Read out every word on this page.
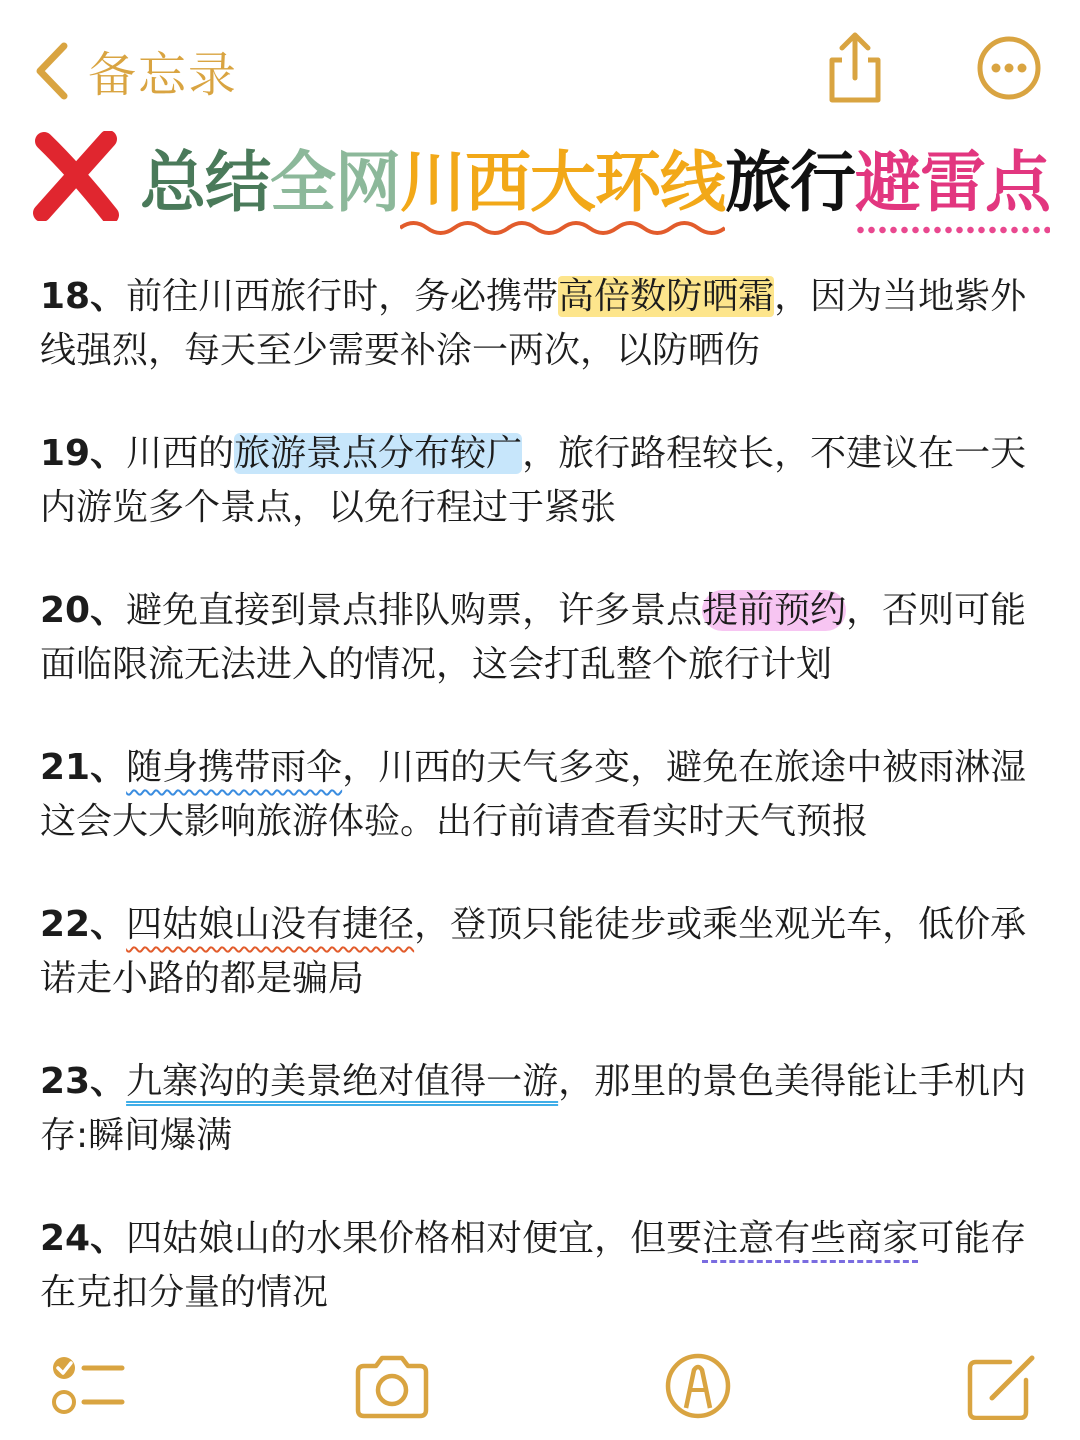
备忘录
总结全网川西大环线
旅行避雷点
18、前往川西旅行时，务必携带高倍数防晒霜，因为当地紫外线强烈，每天至少需要补涂一两次，以防晒伤
19、川西的旅游景点分布较广，旅行路程较长，不建议在一天内游览多个景点，以免行程过于紧张
20、避免直接到景点排队购票，许多景点提前预约，否则可能面临限流无法进入的情况，这会打乱整个旅行计划
21、随身携带雨伞，川西的天气多变，避免在旅途中被雨淋湿这会大大影响旅游体验。出行前请查看实时天气预报
22、四姑娘山没有捷径，登顶只能徒步或乘坐观光车，低价承诺走小路的都是骗局
23、九寨沟的美景绝对值得一游，那里的景色美得能让手机内存:瞬间爆满
24、四姑娘山的水果价格相对便宜，但要注意有些商家可能存在克扣分量的情况
